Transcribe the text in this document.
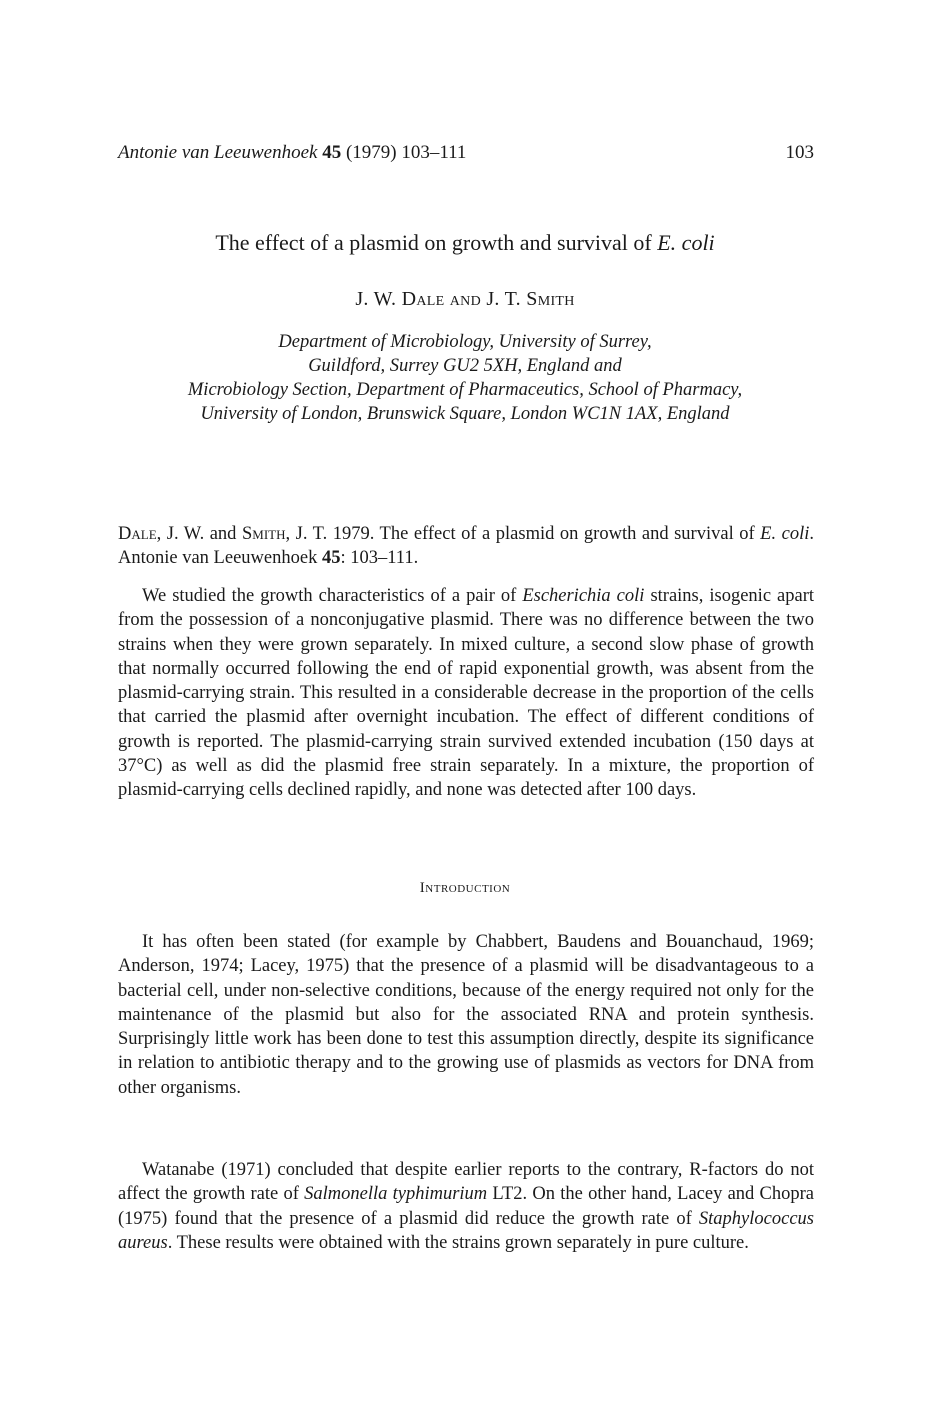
Antonie van Leeuwenhoek 45 (1979) 103–111	103
The effect of a plasmid on growth and survival of E. coli
J. W. Dale and J. T. Smith
Department of Microbiology, University of Surrey,
Guildford, Surrey GU2 5XH, England and
Microbiology Section, Department of Pharmaceutics, School of Pharmacy,
University of London, Brunswick Square, London WC1N 1AX, England

Dale, J. W. and Smith, J. T. 1979. The effect of a plasmid on growth and survival of E. coli. Antonie van Leeuwenhoek 45: 103–111.

We studied the growth characteristics of a pair of Escherichia coli strains, isogenic apart from the possession of a nonconjugative plasmid. There was no difference between the two strains when they were grown separately. In mixed culture, a second slow phase of growth that normally occurred following the end of rapid exponential growth, was absent from the plasmid-carrying strain. This resulted in a considerable decrease in the proportion of the cells that carried the plasmid after overnight incubation. The effect of different conditions of growth is reported. The plasmid-carrying strain survived extended incubation (150 days at 37°C) as well as did the plasmid free strain separately. In a mixture, the proportion of plasmid-carrying cells declined rapidly, and none was detected after 100 days.

Introduction

It has often been stated (for example by Chabbert, Baudens and Bouanchaud, 1969; Anderson, 1974; Lacey, 1975) that the presence of a plasmid will be disadvantageous to a bacterial cell, under non-selective conditions, because of the energy required not only for the maintenance of the plasmid but also for the associated RNA and protein synthesis. Surprisingly little work has been done to test this assumption directly, despite its significance in relation to antibiotic therapy and to the growing use of plasmids as vectors for DNA from other organisms.

Watanabe (1971) concluded that despite earlier reports to the contrary, R-factors do not affect the growth rate of Salmonella typhimurium LT2. On the other hand, Lacey and Chopra (1975) found that the presence of a plasmid did reduce the growth rate of Staphylococcus aureus. These results were obtained with the strains grown separately in pure culture.
